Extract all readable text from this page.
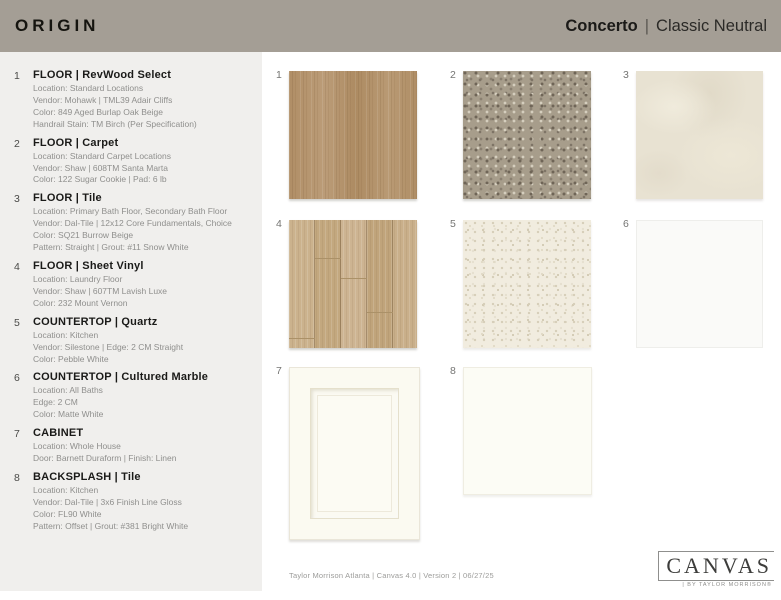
ORIGIN	Concerto | Classic Neutral
1	FLOOR | RevWood Select
Location: Standard Locations
Vendor: Mohawk | TML39 Adair Cliffs
Color: 849 Aged Burlap Oak Beige
Handrail Stain: TM Birch (Per Specification)
2	FLOOR | Carpet
Location: Standard Carpet Locations
Vendor: Shaw | 608TM Santa Marta
Color: 122 Sugar Cookie | Pad: 6 lb
3	FLOOR | Tile
Location: Primary Bath Floor, Secondary Bath Floor
Vendor: Dal-Tile | 12x12 Core Fundamentals, Choice
Color: SQ21 Burrow Beige
Pattern: Straight | Grout: #11 Snow White
4	FLOOR | Sheet Vinyl
Location: Laundry Floor
Vendor: Shaw | 607TM Lavish Luxe
Color: 232 Mount Vernon
5	COUNTERTOP | Quartz
Location: Kitchen
Vendor: Silestone | Edge: 2 CM Straight
Color: Pebble White
6	COUNTERTOP | Cultured Marble
Location: All Baths
Edge: 2 CM
Color: Matte White
7	CABINET
Location: Whole House
Door: Barnett Duraform | Finish: Linen
8	BACKSPLASH | Tile
Location: Kitchen
Vendor: Dal-Tile | 3x6 Finish Line Gloss
Color: FL90 White
Pattern: Offset | Grout: #381 Bright White
1	2	3
4	5	6
7	8
Taylor Morrison Atlanta | Canvas 4.0 | Version 2 | 06/27/25	CANVAS
| BY TAYLOR MORRISON®
